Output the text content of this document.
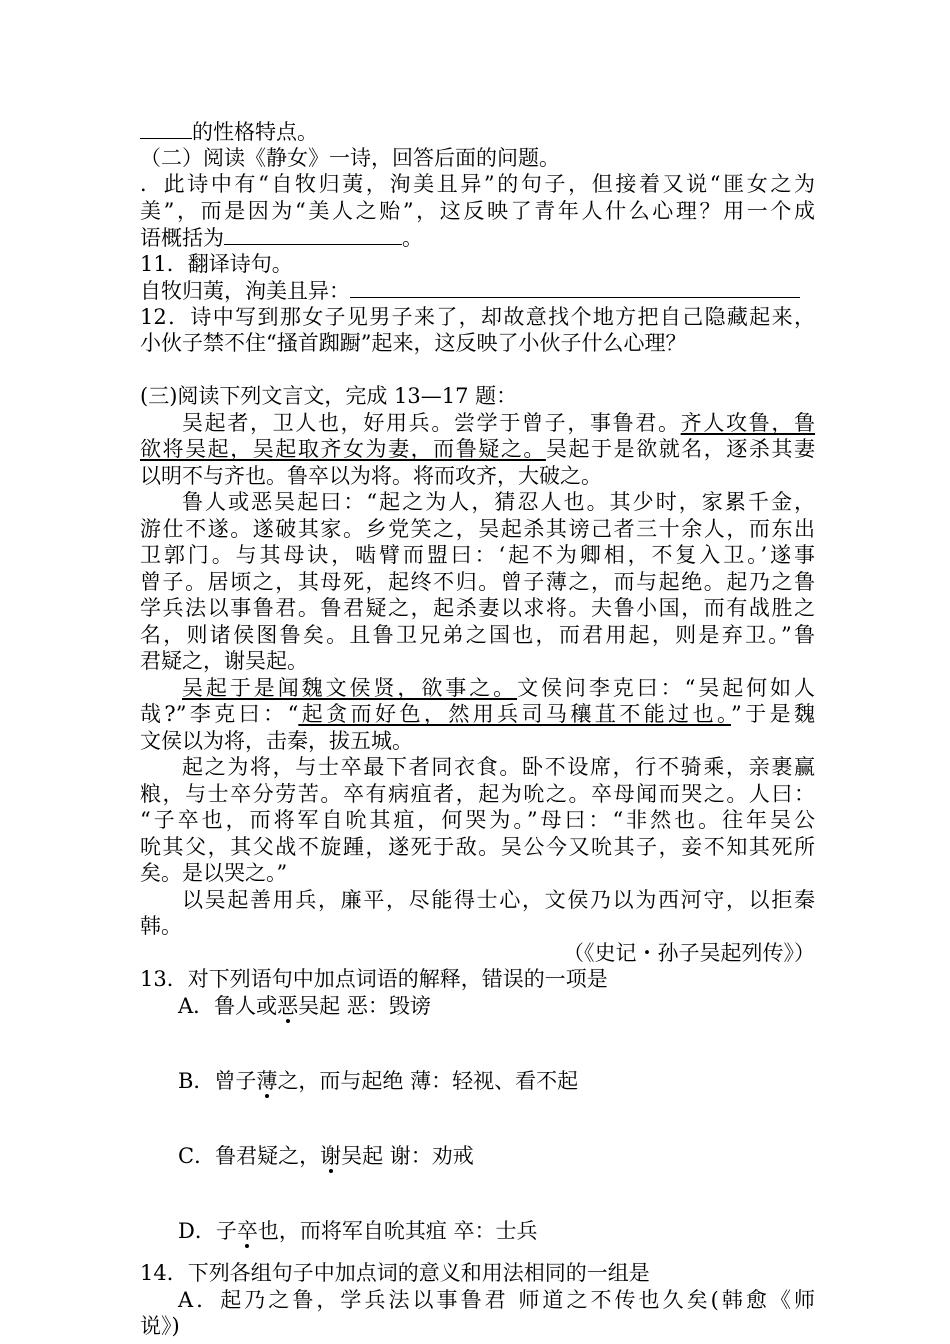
的性格特点。
（二）阅读《静女》一诗，回答后面的问题。
．此诗中有“自牧归荑，洵美且异”的句子，但接着又说“匪女之为
美”，而是因为“美人之贻”，这反映了青年人什么心理？用一个成
语概括为	。
11．翻译诗句。
自牧归荑，洵美且异：
12．诗中写到那女子见男子来了，却故意找个地方把自己隐藏起来，
小伙子禁不住“搔首踟蹰”起来，这反映了小伙子什么心理？
(三)阅读下列文言文，完成 13—17 题：
吴起者，卫人也，好用兵。尝学于曾子，事鲁君。齐人攻鲁，鲁
欲将吴起，吴起取齐女为妻，而鲁疑之。吴起于是欲就名，逐杀其妻
以明不与齐也。鲁卒以为将。将而攻齐，大破之。
鲁人或恶吴起曰：“起之为人，猜忍人也。其少时，家累千金，
游仕不遂。遂破其家。乡党笑之，吴起杀其谤己者三十余人，而东出
卫郭门。与其母诀，啮臂而盟曰：‘起不为卿相，不复入卫。’遂事
曾子。居顷之，其母死，起终不归。曾子薄之，而与起绝。起乃之鲁
学兵法以事鲁君。鲁君疑之，起杀妻以求将。夫鲁小国，而有战胜之
名，则诸侯图鲁矣。且鲁卫兄弟之国也，而君用起，则是弃卫。”鲁
君疑之，谢吴起。
吴起于是闻魏文侯贤，欲事之。文侯问李克曰：“吴起何如人
哉?”李克曰：“起贪而好色，然用兵司马穰苴不能过也。”于是魏
文侯以为将，击秦，拔五城。
起之为将，与士卒最下者同衣食。卧不设席，行不骑乘，亲裹赢
粮，与士卒分劳苦。卒有病疽者，起为吮之。卒母闻而哭之。人曰：
“子卒也，而将军自吮其疽，何哭为。”母曰：“非然也。往年吴公
吮其父，其父战不旋踵，遂死于敌。吴公今又吮其子，妾不知其死所
矣。是以哭之。”
以吴起善用兵，廉平，尽能得士心，文侯乃以为西河守，以拒秦
韩。
（《史记・孙子吴起列传》）
13．对下列语句中加点词语的解释，错误的一项是
A．鲁人或恶吴起 恶：毁谤
B．曾子薄之，而与起绝 薄：轻视、看不起
C．鲁君疑之，谢吴起 谢：劝戒
D．子卒也，而将军自吮其疽 卒：士兵
14．下列各组句子中加点词的意义和用法相同的一组是
A．起乃之鲁，学兵法以事鲁君 师道之不传也久矣(韩愈《师
说》)
